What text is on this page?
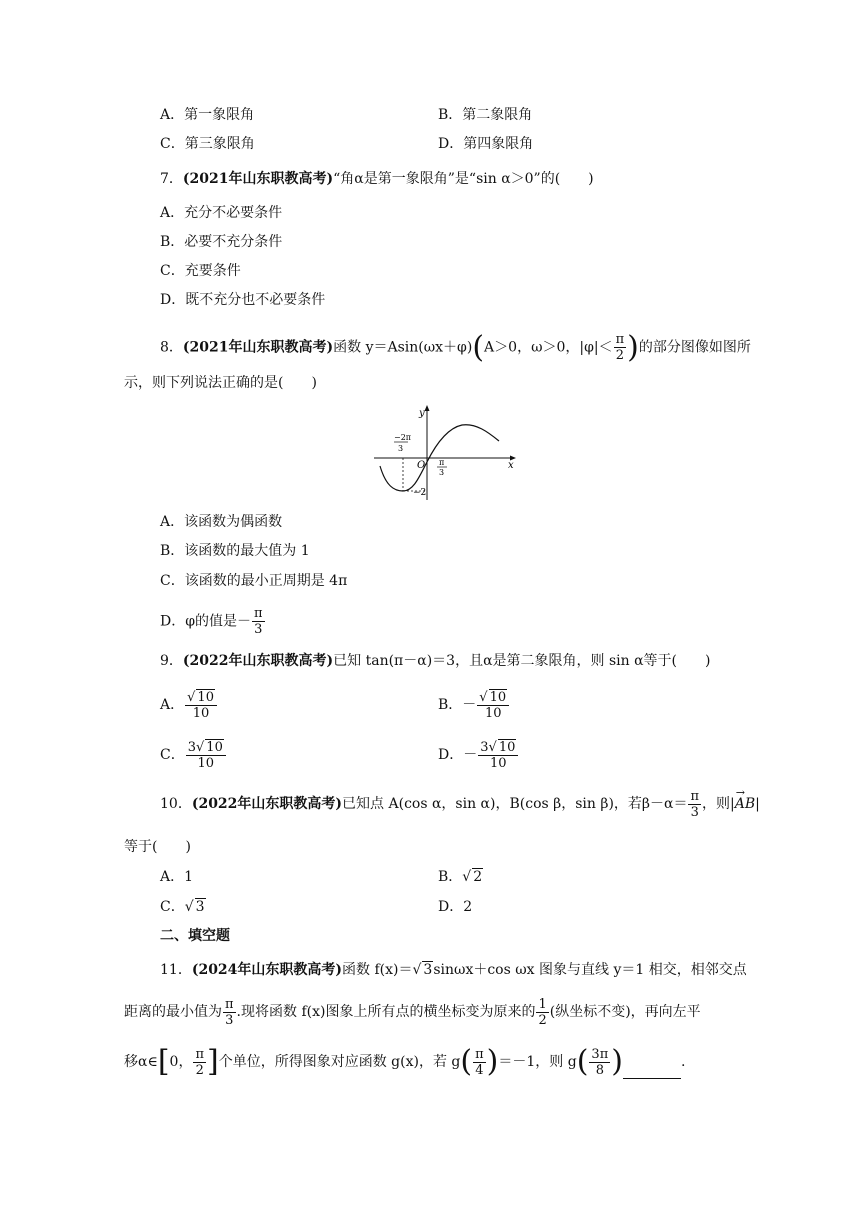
A．第一象限角	B．第二象限角
C．第三象限角	D．第四象限角
7．(2021年山东职教高考)“角α是第一象限角”是“sin α＞0”的(　　)
A．充分不必要条件
B．必要不充分条件
C．充要条件
D．既不充分也不必要条件
8．(2021年山东职教高考)函数 y＝Asin(ωx＋φ)(A＞0，ω＞0，$|\varphi|< \frac{\pi}{2}$ )的部分图像如图所
示，则下列说法正确的是(　　)
y
x
O
−2π
3
π
3
−2
A．该函数为偶函数
B．该函数的最大值为 1
C．该函数的最小正周期是 4π
D．φ的值是－ $\frac{\pi}{3}$
9．(2022年山东职教高考)已知 tan(π－α)＝3，且α是第二象限角，则 sin α等于(　　)
A． $\frac{√ 10}{10}$	B．－ $\frac{√ 10}{10}$
C． $\frac{3√ 10}{10}$	D．－ $\frac{3√ 10}{10}$
10．(2022年山东职教高考)已知点 A(cos α，sin α)，B(cos β，sin β)，若$\beta-\alpha= \frac{\pi}{3}$ ，则|→ AB|
等于(　　)
A．1	B．√ 2
C．√ 3	D．2
二、填空题
11．(2024年山东职教高考)函数 f(x)＝√ 3sinωx＋cos ωx 图象与直线 y＝1 相交，相邻交点
距离的最小值为 $\frac{\pi}{3}$ .现将函数 f(x)图象上所有点的横坐标变为原来的 $\frac{1}{2}$ (纵坐标不变)，再向左平
移α∈[0， $\frac{\pi}{2}$ ]个单位，所得图象对应函数 g(x)，若 $g( \frac{\pi}{4} )=-1$，则 $g( \frac{3\pi}{8}$ )	.
